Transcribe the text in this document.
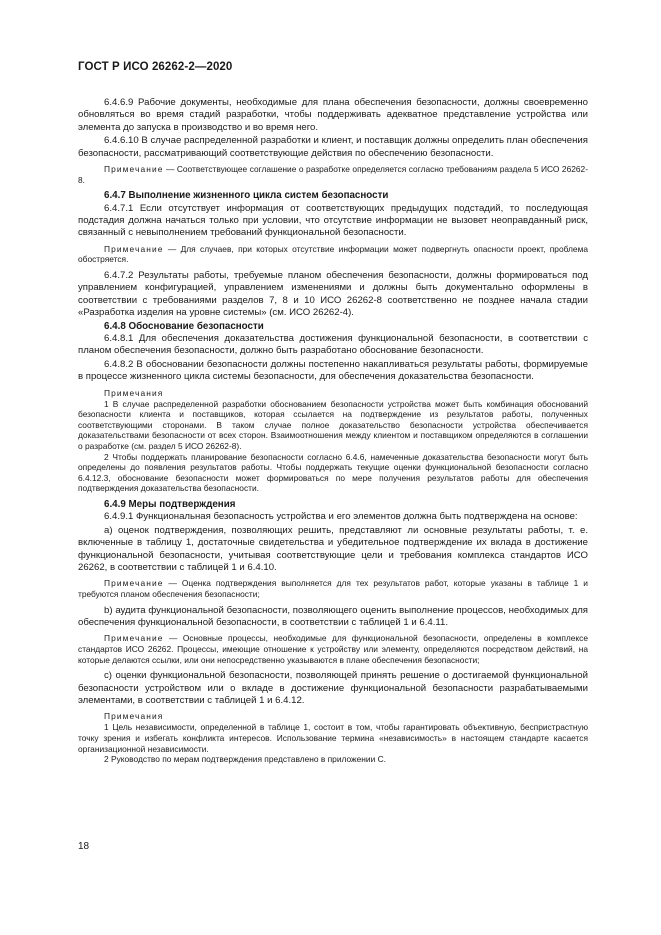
ГОСТ Р ИСО 26262-2—2020

6.4.6.9 Рабочие документы, необходимые для плана обеспечения безопасности, должны своевременно обновляться во время стадий разработки, чтобы поддерживать адекватное представление устройства или элемента до запуска в производство и во время него.

6.4.6.10 В случае распределенной разработки и клиент, и поставщик должны определить план обеспечения безопасности, рассматривающий соответствующие действия по обеспечению безопасности.

Примечание — Соответствующее соглашение о разработке определяется согласно требованиям раздела 5 ИСО 26262-8.

6.4.7 Выполнение жизненного цикла систем безопасности

6.4.7.1 Если отсутствует информация от соответствующих предыдущих подстадий, то последующая подстадия должна начаться только при условии, что отсутствие информации не вызовет неоправданный риск, связанный с невыполнением требований функциональной безопасности.

Примечание — Для случаев, при которых отсутствие информации может подвергнуть опасности проект, проблема обостряется.

6.4.7.2 Результаты работы, требуемые планом обеспечения безопасности, должны формироваться под управлением конфигурацией, управлением изменениями и должны быть документально оформлены в соответствии с требованиями разделов 7, 8 и 10 ИСО 26262-8 соответственно не позднее начала стадии «Разработка изделия на уровне системы» (см. ИСО 26262-4).

6.4.8 Обоснование безопасности

6.4.8.1 Для обеспечения доказательства достижения функциональной безопасности, в соответствии с планом обеспечения безопасности, должно быть разработано обоснование безопасности.

6.4.8.2 В обосновании безопасности должны постепенно накапливаться результаты работы, формируемые в процессе жизненного цикла системы безопасности, для обеспечения доказательства безопасности.

Примечания

1 В случае распределенной разработки обоснованием безопасности устройства может быть комбинация обоснований безопасности клиента и поставщиков, которая ссылается на подтверждение из результатов работы, полученных соответствующими сторонами. В таком случае полное доказательство безопасности устройства обеспечивается доказательствами безопасности от всех сторон. Взаимоотношения между клиентом и поставщиком определяются в соглашении о разработке (см. раздел 5 ИСО 26262-8).

2 Чтобы поддержать планирование безопасности согласно 6.4.6, намеченные доказательства безопасности могут быть определены до появления результатов работы. Чтобы поддержать текущие оценки функциональной безопасности согласно 6.4.12.3, обоснование безопасности может формироваться по мере получения результатов работы для обеспечения подтверждения доказательства безопасности.

6.4.9 Меры подтверждения

6.4.9.1 Функциональная безопасность устройства и его элементов должна быть подтверждена на основе:

a) оценок подтверждения, позволяющих решить, представляют ли основные результаты работы, т. е. включенные в таблицу 1, достаточные свидетельства и убедительное подтверждение их вклада в достижение функциональной безопасности, учитывая соответствующие цели и требования комплекса стандартов ИСО 26262, в соответствии с таблицей 1 и 6.4.10.

Примечание — Оценка подтверждения выполняется для тех результатов работ, которые указаны в таблице 1 и требуются планом обеспечения безопасности;

b) аудита функциональной безопасности, позволяющего оценить выполнение процессов, необходимых для обеспечения функциональной безопасности, в соответствии с таблицей 1 и 6.4.11.

Примечание — Основные процессы, необходимые для функциональной безопасности, определены в комплексе стандартов ИСО 26262. Процессы, имеющие отношение к устройству или элементу, определяются посредством действий, на которые делаются ссылки, или они непосредственно указываются в плане обеспечения безопасности;

c) оценки функциональной безопасности, позволяющей принять решение о достигаемой функциональной безопасности устройством или о вкладе в достижение функциональной безопасности разрабатываемыми элементами, в соответствии с таблицей 1 и 6.4.12.

Примечания

1 Цель независимости, определенной в таблице 1, состоит в том, чтобы гарантировать объективную, беспристрастную точку зрения и избегать конфликта интересов. Использование термина «независимость» в настоящем стандарте касается организационной независимости.

2 Руководство по мерам подтверждения представлено в приложении С.

18
